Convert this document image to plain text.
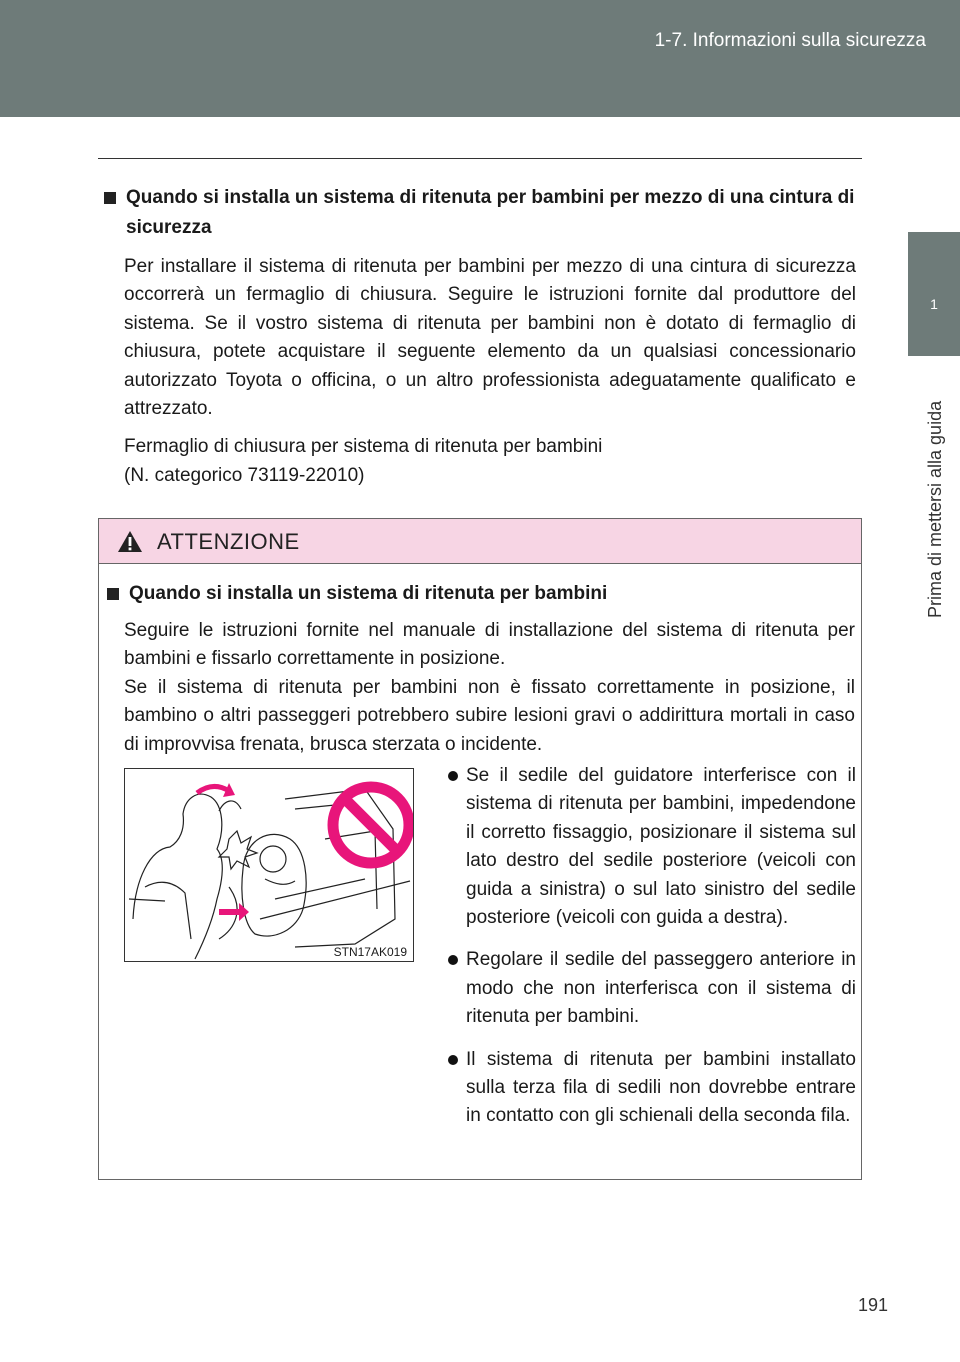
1-7. Informazioni sulla sicurezza
1
Prima di mettersi alla guida
Quando si installa un sistema di ritenuta per bambini per mezzo di una cintura di sicurezza
Per installare il sistema di ritenuta per bambini per mezzo di una cintura di sicurezza occorrerà un fermaglio di chiusura. Seguire le istruzioni fornite dal produttore del sistema. Se il vostro sistema di ritenuta per bambini non è dotato di fermaglio di chiusura, potete acquistare il seguente elemento da un qualsiasi concessionario autorizzato Toyota o officina, o un altro professionista adeguatamente qualificato e attrezzato.
Fermaglio di chiusura per sistema di ritenuta per bambini
(N. categorico 73119-22010)
ATTENZIONE
Quando si installa un sistema di ritenuta per bambini
Seguire le istruzioni fornite nel manuale di installazione del sistema di ritenuta per bambini e fissarlo correttamente in posizione.
Se il sistema di ritenuta per bambini non è fissato correttamente in posizione, il bambino o altri passeggeri potrebbero subire lesioni gravi o addirittura mortali in caso di improvvisa frenata, brusca sterzata o incidente.
STN17AK019
Se il sedile del guidatore interferisce con il sistema di ritenuta per bambini, impedendone il corretto fissaggio, posizionare il sistema sul lato destro del sedile posteriore (veicoli con guida a sinistra) o sul lato sinistro del sedile posteriore (veicoli con guida a destra).
Regolare il sedile del passeggero anteriore in modo che non interferisca con il sistema di ritenuta per bambini.
Il sistema di ritenuta per bambini installato sulla terza fila di sedili non dovrebbe entrare in contatto con gli schienali della seconda fila.
191
